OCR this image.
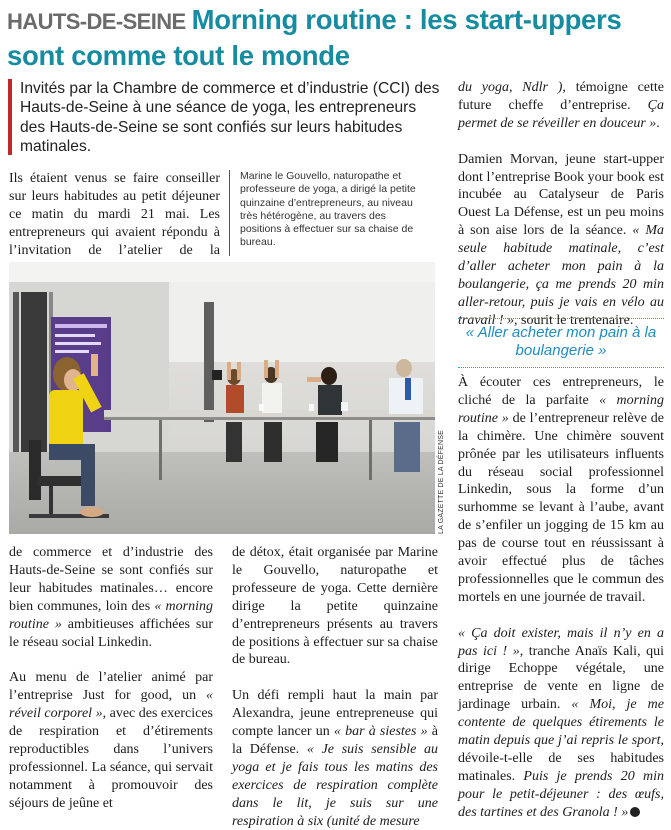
HAUTS-DE-SEINE Morning routine : les start-uppers
sont comme tout le monde
Invités par la Chambre de commerce et d’industrie (CCI) des Hauts-de-Seine à une séance de yoga, les entrepreneurs des Hauts-de-Seine se sont confiés sur leurs habitudes matinales.

Ils étaient venus se faire conseiller sur leurs habitudes au petit déjeuner ce matin du mardi 21 mai. Les entrepreneurs qui avaient répondu à l’invitation de l’atelier de la

Marine le Gouvello, naturopathe et professeure de yoga, a dirigé la petite quinzaine d’entrepreneurs, au niveau très hétérogène, au travers des positions à effectuer sur sa chaise de bureau.
LA GAZETTE DE LA DÉFENSE

de commerce et d’industrie des Hauts-de-Seine se sont confiés sur leur habitudes matinales… encore bien communes, loin des « morning routine » ambitieuses affichées sur le réseau social Linkedin.

Au menu de l’atelier animé par l’entreprise Just for good, un « réveil corporel », avec des exercices de respiration et d’étirements reproductibles dans l’univers professionnel. La séance, qui servait notamment à promouvoir des séjours de jeûne et

de détox, était organisée par Marine le Gouvello, naturopathe et professeure de yoga. Cette dernière dirige la petite quinzaine d’entrepreneurs présents au travers de positions à effectuer sur sa chaise de bureau.

Un défi rempli haut la main par Alexandra, jeune entrepreneuse qui compte lancer un « bar à siestes » à la Défense. « Je suis sensible au yoga et je fais tous les matins des exercices de respiration complète dans le lit, je suis sur une respiration à six (unité de mesure

du yoga, Ndlr ), témoigne cette future cheffe d’entreprise. Ça permet de se réveiller en douceur ».

Damien Morvan, jeune start-upper dont l’entreprise Book your book est incubée au Catalyseur de Paris Ouest La Défense, est un peu moins à son aise lors de la séance. « Ma seule habitude matinale, c’est d’aller acheter mon pain à la boulangerie, ça me prends 20 min aller-retour, puis je vais en vélo au travail ! », sourit le trentenaire.

« Aller acheter mon pain à la boulangerie »

À écouter ces entrepreneurs, le cliché de la parfaite « morning routine » de l’entrepreneur relève de la chimère. Une chimère souvent prônée par les utilisateurs influents du réseau social professionnel Linkedin, sous la forme d’un surhomme se levant à l’aube, avant de s’enfiler un jogging de 15 km au pas de course tout en réussissant à avoir effectué plus de tâches professionnelles que le commun des mortels en une journée de travail.

« Ça doit exister, mais il n’y en a pas ici ! », tranche Anaïs Kali, qui dirige Echoppe végétale, une entreprise de vente en ligne de jardinage urbain. « Moi, je me contente de quelques étirements le matin depuis que j’ai repris le sport, dévoile-t-elle de ses habitudes matinales. Puis je prends 20 min pour le petit-déjeuner : des œufs, des tartines et des Granola ! »
